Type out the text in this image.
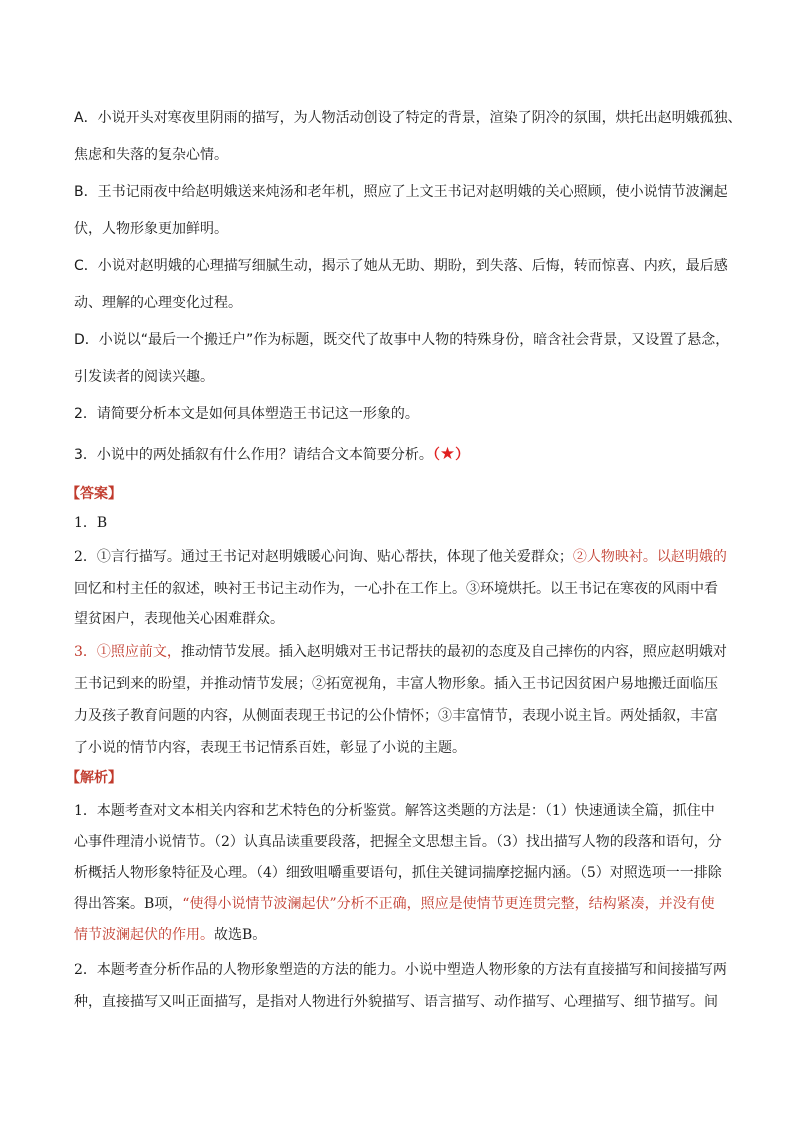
A．小说开头对寒夜里阴雨的描写，为人物活动创设了特定的背景，渲染了阴冷的氛围，烘托出赵明娥孤独、
焦虑和失落的复杂心情。
B．王书记雨夜中给赵明娥送来炖汤和老年机，照应了上文王书记对赵明娥的关心照顾，使小说情节波澜起
伏，人物形象更加鲜明。
C．小说对赵明娥的心理描写细腻生动，揭示了她从无助、期盼，到失落、后悔，转而惊喜、内疚，最后感
动、理解的心理变化过程。
D．小说以“最后一个搬迁户”作为标题，既交代了故事中人物的特殊身份，暗含社会背景，又设置了悬念，
引发读者的阅读兴趣。
2．请简要分析本文是如何具体塑造王书记这一形象的。
3．小说中的两处插叙有什么作用？请结合文本简要分析。（★）
【答案】
1．B
2．①言行描写。通过王书记对赵明娥暖心问询、贴心帮扶，体现了他关爱群众；②人物映衬。以赵明娥的
回忆和村主任的叙述，映衬王书记主动作为，一心扑在工作上。③环境烘托。以王书记在寒夜的风雨中看
望贫困户，表现他关心困难群众。
3．①照应前文，推动情节发展。插入赵明娥对王书记帮扶的最初的态度及自己摔伤的内容，照应赵明娥对
王书记到来的盼望，并推动情节发展；②拓宽视角，丰富人物形象。插入王书记因贫困户易地搬迁面临压
力及孩子教育问题的内容，从侧面表现王书记的公仆情怀；③丰富情节，表现小说主旨。两处插叙，丰富
了小说的情节内容，表现王书记情系百姓，彰显了小说的主题。
【解析】
1．本题考查对文本相关内容和艺术特色的分析鉴赏。解答这类题的方法是：（1）快速通读全篇，抓住中
心事件理清小说情节。（2）认真品读重要段落，把握全文思想主旨。（3）找出描写人物的段落和语句，分
析概括人物形象特征及心理。（4）细致咀嚼重要语句，抓住关键词揣摩挖掘内涵。（5）对照选项一一排除
得出答案。B项，“使得小说情节波澜起伏”分析不正确，照应是使情节更连贯完整，结构紧凑，并没有使
情节波澜起伏的作用。故选B。
2．本题考查分析作品的人物形象塑造的方法的能力。小说中塑造人物形象的方法有直接描写和间接描写两
种，直接描写又叫正面描写，是指对人物进行外貌描写、语言描写、动作描写、心理描写、细节描写。间
